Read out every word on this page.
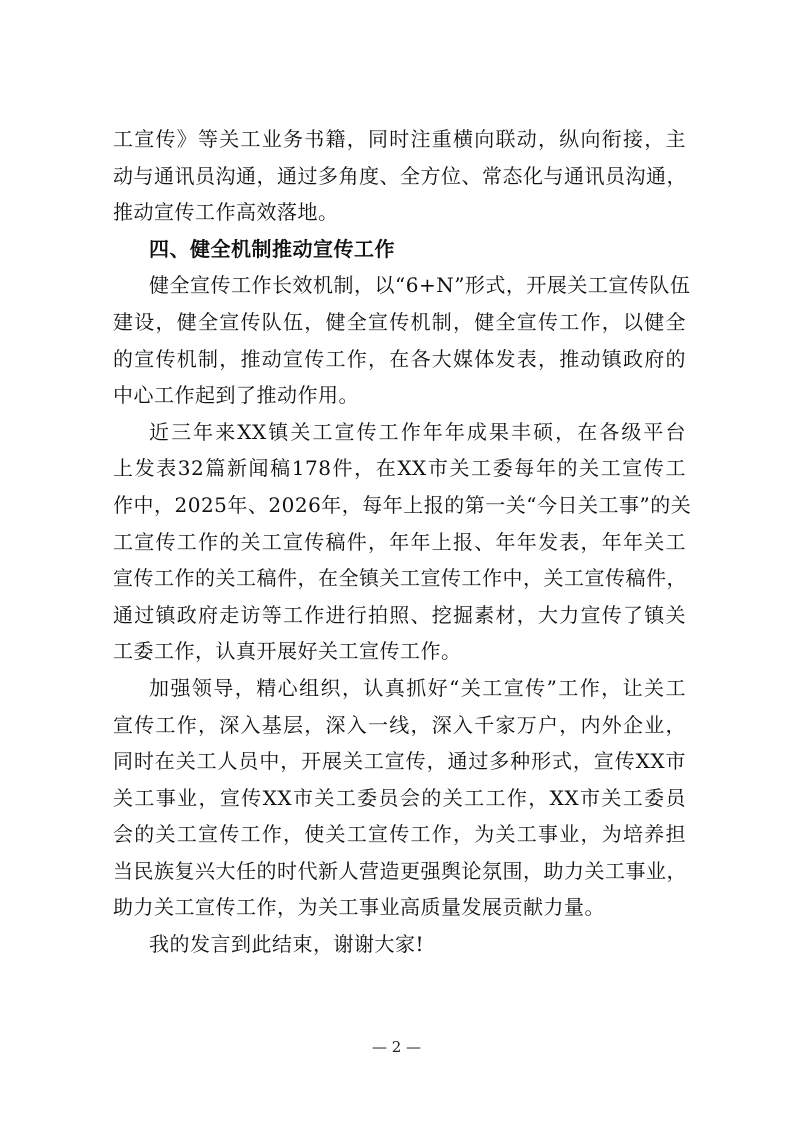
工宣传》等关工业务书籍，同时注重横向联动，纵向衔接，主
动与通讯员沟通，通过多角度、全方位、常态化与通讯员沟通，
推动宣传工作高效落地。
四、健全机制推动宣传工作
健全宣传工作长效机制，以“6+N”形式，开展关工宣传队伍
建设，健全宣传队伍，健全宣传机制，健全宣传工作，以健全
的宣传机制，推动宣传工作，在各大媒体发表，推动镇政府的
中心工作起到了推动作用。
近三年来XX镇关工宣传工作年年成果丰硕，在各级平台
上发表32篇新闻稿178件，在XX市关工委每年的关工宣传工
作中，2025年、2026年，每年上报的第一关“今日关工事”的关
工宣传工作的关工宣传稿件，年年上报、年年发表，年年关工
宣传工作的关工稿件，在全镇关工宣传工作中，关工宣传稿件，
通过镇政府走访等工作进行拍照、挖掘素材，大力宣传了镇关
工委工作，认真开展好关工宣传工作。
加强领导，精心组织，认真抓好“关工宣传”工作，让关工
宣传工作，深入基层，深入一线，深入千家万户，内外企业，
同时在关工人员中，开展关工宣传，通过多种形式，宣传XX市
关工事业，宣传XX市关工委员会的关工工作，XX市关工委员
会的关工宣传工作，使关工宣传工作，为关工事业，为培养担
当民族复兴大任的时代新人营造更强舆论氛围，助力关工事业，
助力关工宣传工作，为关工事业高质量发展贡献力量。
我的发言到此结束，谢谢大家!
— 2 —
